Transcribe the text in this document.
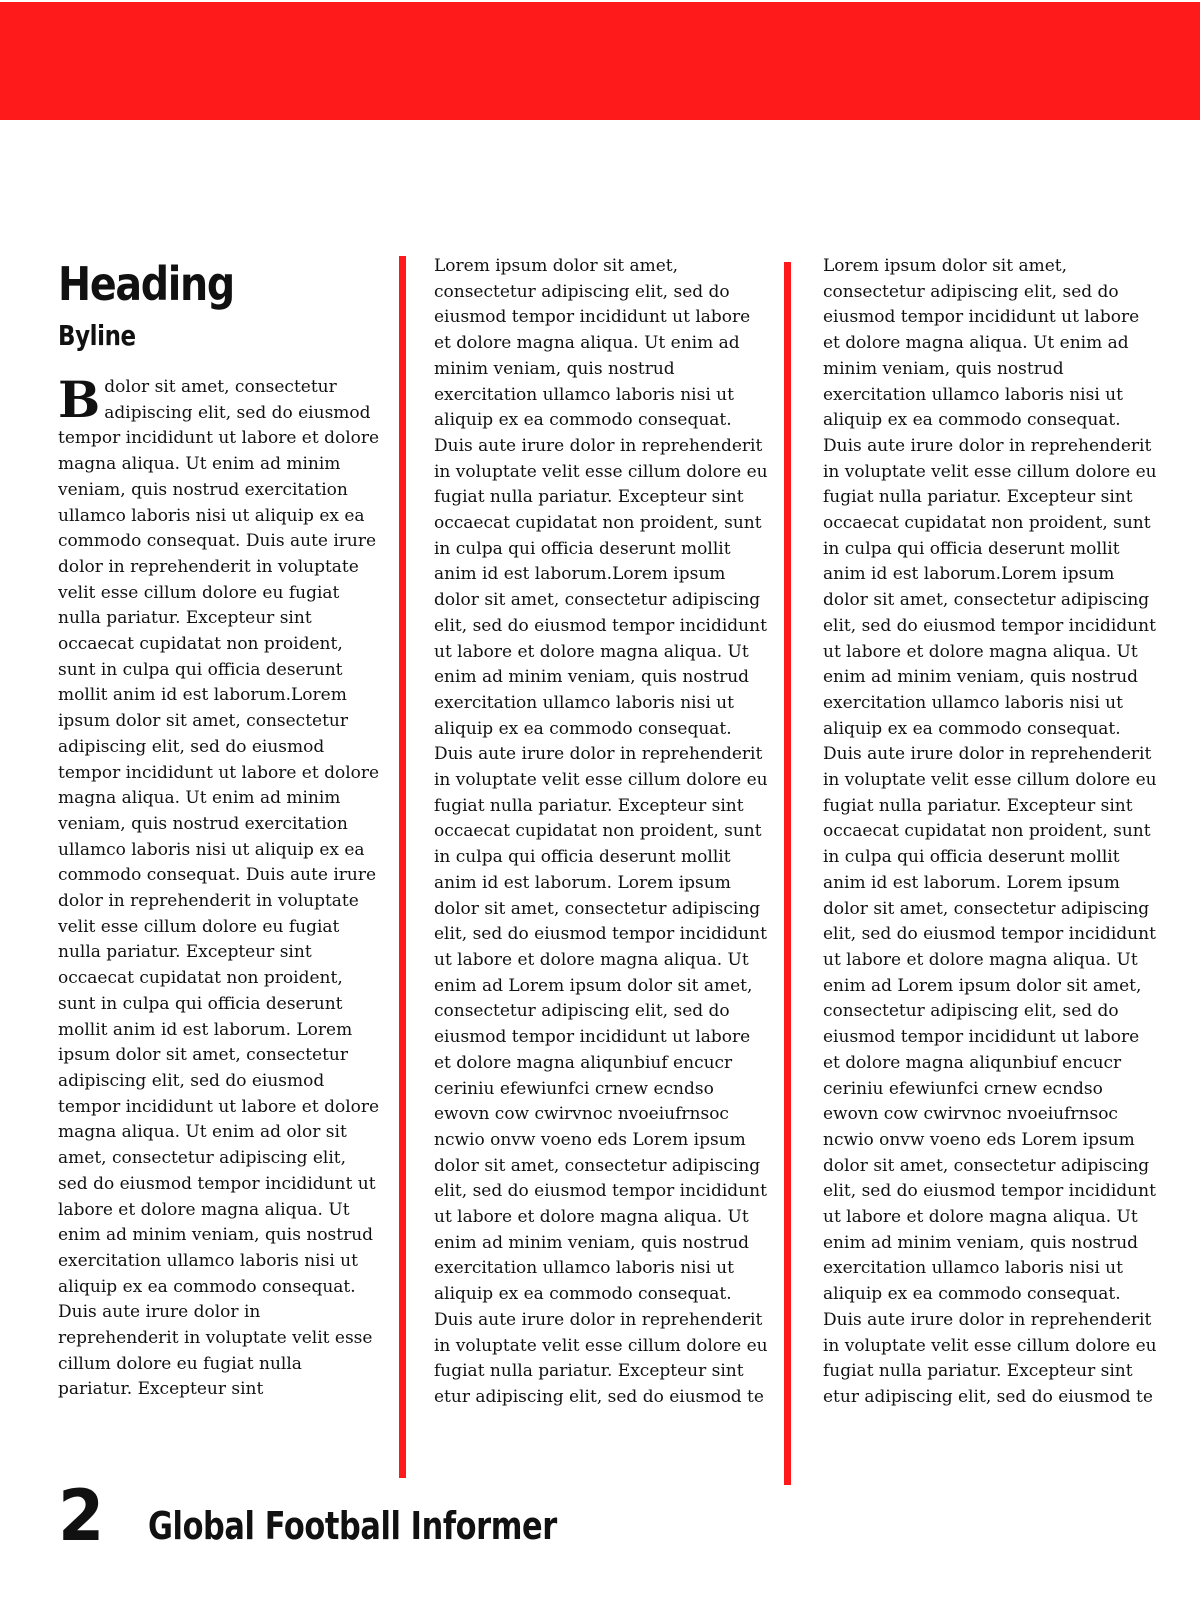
Heading
Byline

Bdolor sit amet, consectetur adipiscing elit, sed do eiusmod tempor incididunt ut labore et dolore magna aliqua. Ut enim ad minim veniam, quis nostrud exercitation ullamco laboris nisi ut aliquip ex ea commodo consequat. Duis aute irure dolor in reprehenderit in voluptate velit esse cillum dolore eu fugiat nulla pariatur. Excepteur sint occaecat cupidatat non proident, sunt in culpa qui officia deserunt mollit anim id est laborum.Lorem ipsum dolor sit amet, consectetur adipiscing elit, sed do eiusmod tempor incididunt ut labore et dolore magna aliqua. Ut enim ad minim veniam, quis nostrud exercitation ullamco laboris nisi ut aliquip ex ea commodo consequat. Duis aute irure dolor in reprehenderit in voluptate velit esse cillum dolore eu fugiat nulla pariatur. Excepteur sint occaecat cupidatat non proident, sunt in culpa qui officia deserunt mollit anim id est laborum. Lorem ipsum dolor sit amet, consectetur adipiscing elit, sed do eiusmod tempor incididunt ut labore et dolore magna aliqua. Ut enim ad olor sit amet, consectetur adipiscing elit, sed do eiusmod tempor incididunt ut labore et dolore magna aliqua. Ut enim ad minim veniam, quis nostrud exercitation ullamco laboris nisi ut aliquip ex ea commodo consequat. Duis aute irure dolor in reprehenderit in voluptate velit esse cillum dolore eu fugiat nulla pariatur. Excepteur sint

Lorem ipsum dolor sit amet, consectetur adipiscing elit, sed do eiusmod tempor incididunt ut labore et dolore magna aliqua. Ut enim ad minim veniam, quis nostrud exercitation ullamco laboris nisi ut aliquip ex ea commodo consequat. Duis aute irure dolor in reprehenderit in voluptate velit esse cillum dolore eu fugiat nulla pariatur. Excepteur sint occaecat cupidatat non proident, sunt in culpa qui officia deserunt mollit anim id est laborum.Lorem ipsum dolor sit amet, consectetur adipiscing elit, sed do eiusmod tempor incididunt ut labore et dolore magna aliqua. Ut enim ad minim veniam, quis nostrud exercitation ullamco laboris nisi ut aliquip ex ea commodo consequat. Duis aute irure dolor in reprehenderit in voluptate velit esse cillum dolore eu fugiat nulla pariatur. Excepteur sint occaecat cupidatat non proident, sunt in culpa qui officia deserunt mollit anim id est laborum. Lorem ipsum dolor sit amet, consectetur adipiscing elit, sed do eiusmod tempor incididunt ut labore et dolore magna aliqua. Ut enim ad Lorem ipsum dolor sit amet, consectetur adipiscing elit, sed do eiusmod tempor incididunt ut labore et dolore magna aliqunbiuf encucr ceriniu efewiunfci crnew ecndso ewovn cow cwirvnoc nvoeiufrnsoc ncwio onvw voeno eds Lorem ipsum dolor sit amet, consectetur adipiscing elit, sed do eiusmod tempor incididunt ut labore et dolore magna aliqua. Ut enim ad minim veniam, quis nostrud exercitation ullamco laboris nisi ut aliquip ex ea commodo consequat. Duis aute irure dolor in reprehenderit in voluptate velit esse cillum dolore eu fugiat nulla pariatur. Excepteur sint etur adipiscing elit, sed do eiusmod te

Lorem ipsum dolor sit amet, consectetur adipiscing elit, sed do eiusmod tempor incididunt ut labore et dolore magna aliqua. Ut enim ad minim veniam, quis nostrud exercitation ullamco laboris nisi ut aliquip ex ea commodo consequat. Duis aute irure dolor in reprehenderit in voluptate velit esse cillum dolore eu fugiat nulla pariatur. Excepteur sint occaecat cupidatat non proident, sunt in culpa qui officia deserunt mollit anim id est laborum.Lorem ipsum dolor sit amet, consectetur adipiscing elit, sed do eiusmod tempor incididunt ut labore et dolore magna aliqua. Ut enim ad minim veniam, quis nostrud exercitation ullamco laboris nisi ut aliquip ex ea commodo consequat. Duis aute irure dolor in reprehenderit in voluptate velit esse cillum dolore eu fugiat nulla pariatur. Excepteur sint occaecat cupidatat non proident, sunt in culpa qui officia deserunt mollit anim id est laborum. Lorem ipsum dolor sit amet, consectetur adipiscing elit, sed do eiusmod tempor incididunt ut labore et dolore magna aliqua. Ut enim ad Lorem ipsum dolor sit amet, consectetur adipiscing elit, sed do eiusmod tempor incididunt ut labore et dolore magna aliqunbiuf encucr ceriniu efewiunfci crnew ecndso ewovn cow cwirvnoc nvoeiufrnsoc ncwio onvw voeno eds Lorem ipsum dolor sit amet, consectetur adipiscing elit, sed do eiusmod tempor incididunt ut labore et dolore magna aliqua. Ut enim ad minim veniam, quis nostrud exercitation ullamco laboris nisi ut aliquip ex ea commodo consequat. Duis aute irure dolor in reprehenderit in voluptate velit esse cillum dolore eu fugiat nulla pariatur. Excepteur sint etur adipiscing elit, sed do eiusmod te

2 Global Football Informer
